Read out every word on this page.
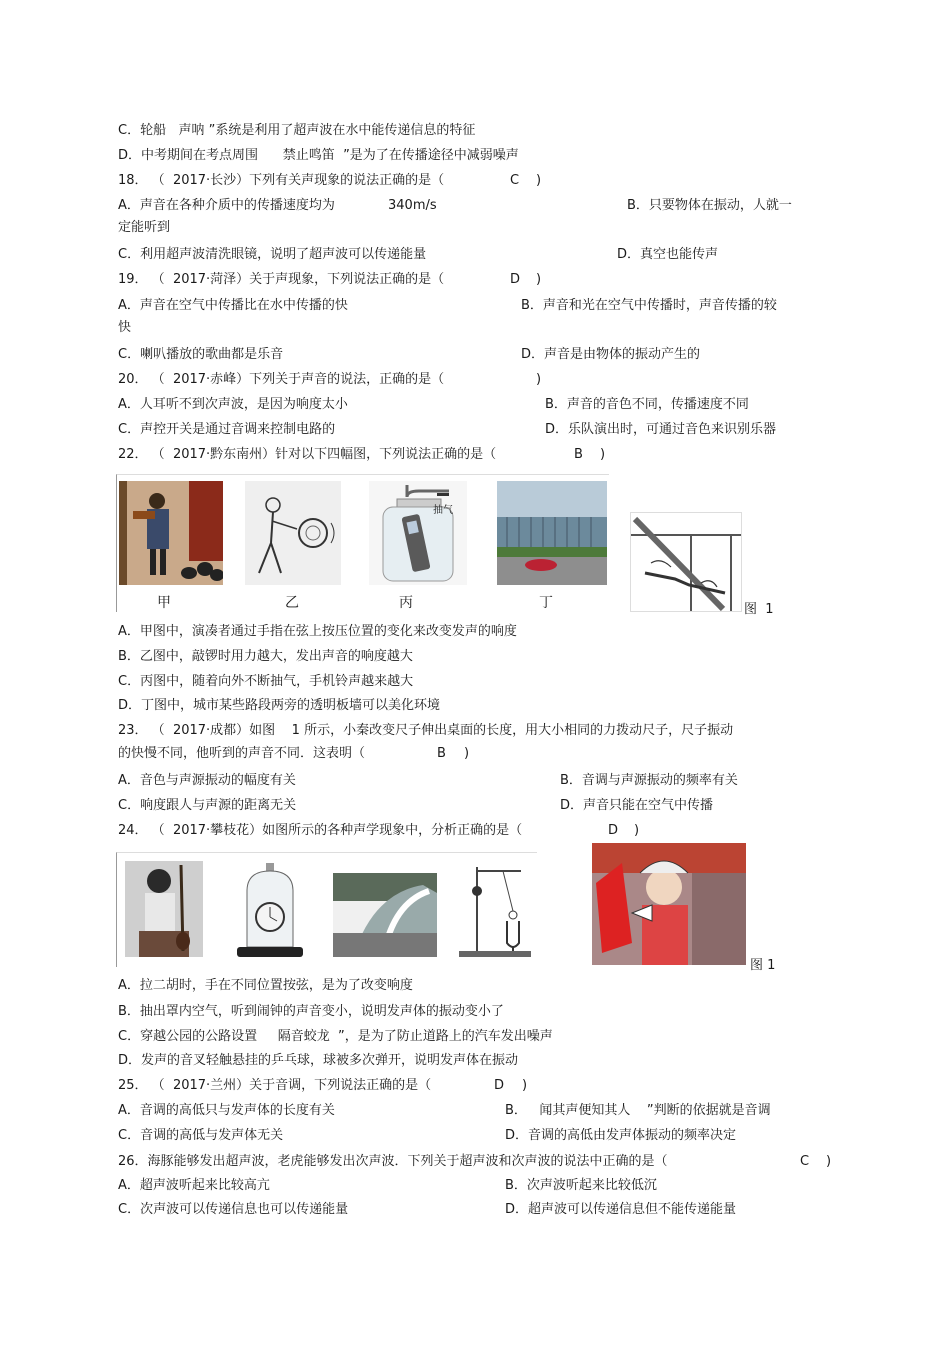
C．轮船   声呐 ”系统是利用了超声波在水中能传递信息的特征
D．中考期间在考点周围      禁止鸣笛  ”是为了在传播途径中减弱噪声
18． （  2017·长沙）下列有关声现象的说法正确的是（	C )
A．声音在各种介质中的传播速度均为	340m/s	B．只要物体在振动，人就一
定能听到
C．利用超声波清洗眼镜，说明了超声波可以传递能量	D．真空也能传声
19． （  2017·菏泽）关于声现象，下列说法正确的是（	D )
A．声音在空气中传播比在水中传播的快	B．声音和光在空气中传播时，声音传播的较
快
C．喇叭播放的歌曲都是乐音	D．声音是由物体的振动产生的
20． （  2017·赤峰）下列关于声音的说法，正确的是（	)
A．人耳听不到次声波，是因为响度太小	B．声音的音色不同，传播速度不同
C．声控开关是通过音调来控制电路的	D．乐队演出时，可通过音色来识别乐器
22． （  2017·黔东南州）针对以下四幅图，下列说法正确的是（	B )
抽气
甲	乙	丙	丁	图  1
A．甲图中，演凑者通过手指在弦上按压位置的变化来改变发声的响度
B．乙图中，敲锣时用力越大，发出声音的响度越大
C．丙图中，随着向外不断抽气，手机铃声越来越大
D．丁图中，城市某些路段两旁的透明板墙可以美化环境
23． （  2017·成都）如图    1 所示，小秦改变尺子伸出桌面的长度，用大小相同的力拨动尺子，尺子振动
的快慢不同，他听到的声音不同．这表明（	B )
A．音色与声源振动的幅度有关	B．音调与声源振动的频率有关
C．响度跟人与声源的距离无关	D．声音只能在空气中传播
24． （  2017·攀枝花）如图所示的各种声学现象中，分析正确的是（	D )
图 1
A．拉二胡时，手在不同位置按弦，是为了改变响度
B．抽出罩内空气，听到闹钟的声音变小，说明发声体的振动变小了
C．穿越公园的公路设置     隔音蛟龙  ”，是为了防止道路上的汽车发出噪声
D．发声的音叉轻触悬挂的乒乓球，球被多次弹开，说明发声体在振动
25． （  2017·兰州）关于音调，下列说法正确的是（	D )
A．音调的高低只与发声体的长度有关	B．   闻其声便知其人    ”判断的依据就是音调
C．音调的高低与发声体无关	D．音调的高低由发声体振动的频率决定
26．海豚能够发出超声波，老虎能够发出次声波．下列关于超声波和次声波的说法中正确的是（	C )
A．超声波听起来比较高亢	B．次声波听起来比较低沉
C．次声波可以传递信息也可以传递能量	D．超声波可以传递信息但不能传递能量
